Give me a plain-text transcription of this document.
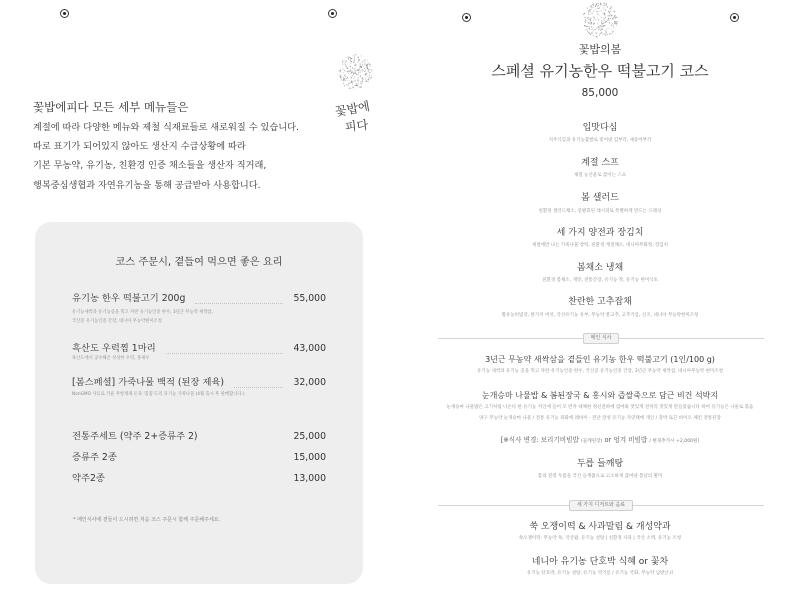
꽃밥에
피다
꽃밥에피다 모든 세부 메뉴들은
계절에 따라 다양한 메뉴와 제철 식재료들로 새로워질 수 있습니다.
따로 표기가 되어있지 않아도 생산지 수급상황에 따라
기본 무농약, 유기농, 친환경 인증 채소들을 생산자 직거래,
행복중심생협과 자연유기농을 통해 공급받아 사용합니다.
코스 주문시, 곁들여 먹으면 좋은 요리
유기농 한우 떡불고기 200g	55,000
유기농새싹과 유기농콩을 먹고 자란 유기농인증 한우, 3년근 무농약 새싹삼,
국산콩 유기농인증 간장, 네니아 무농약현미조청
흑산도 우럭찜 1마리	43,000
흑산도에서 공수해온 싱싱한 우럭, 홍새우
[봄스페셜] 가죽나물 백적 (된장 제육)	32,000
NonGMO 사료로 키운 무항생제 돈육 '꼼꼼'도리 유기농 가죽나물 (4월 출시 후 판매합니다.)
전통주세트 (약주 2+증류주 2)	25,000
증류주 2종	15,000
약주2종	13,000
* 메인식사에 곁들이 드시려면 처음 코스 주문시 함께 주문해주세요.
꽃밥의봄
스페셜 유기농한우 떡불고기 코스
85,000
입맛다심
지주식김과 유기농찹쌀로 빚어낸 김부각, 새송이부각
계절 스프
제철 농산물로 끓이는 스프
봄 샐러드
친환경 샐러드채소, 콩발효된 레시피로 특별하게 만드는 드레싱
세 가지 양전과 장김치
제철에만 나는 가죽나물 장떡, 친환경 계절채소, 네니아무화정, 장김치
봄채소 냉채
친환경 봄채소, 게맛, 전통간장, 유기농 잣, 유기농 현미식초
찬란한 고추잡채
활유농비빔강, 한가지 버섯, 국산유기농 유부, 무농약 풋고추, 고추기름, 신조, 네니아 무농약현미조청
메인 식사
3년근 무농약 새싹삼을 곁들인 유기농 한우 떡불고기 (1인/100 g)
유기농 새싹과 유기농 콩을 먹고 자란 유기농인증 한우, 국산콩 유기농인증 간장, 3년근 무농약 새싹삼, 네니아무농약 현미조청
눈개승마 나물밥 & 봄된장국 & 홍시와 즙쌀죽으로 담근 비건 석박지
눈개승마 나물밥은 고기처럼 나온다 한 유기농 저인에 들어 모 반자 대체한 정신전하에 엄마와 맛있게 전처리 맛있게 만들었습니다 하여 유기농은 나물로 볶음
양구 무농약 눈개승마 나물 / 전통 유기농 좌화에 레바이 · 전난 장성 유기농 자연태에 개인 / 충박 토끈 바이오 체킨 전통된장
[※식사 변경: 보리기비빔밥 (들깨된장) or 엉겨 비빔밥 / 변경추가시 +2,000원]
두릅 들깨탕
봄의 전령 두릅을 국산 들깨즙으로 고소하게 끓여낸 봄날의 별미
세 가지 디저트와 음료
쑥 오쟁이떡 & 사과말림 & 개성약과
쑥오쟁이떡: 무농약 쑥, 국산팥, 유기농 설탕 | 친환경 사과 | 국산 소맥, 유기농 조청
네니아 유기농 단호박 식혜 or 꽃차
유기농 단호박, 유기농 설탕, 유기농 엿기름 / 유기농 국화, 무농약 남방산쇠
